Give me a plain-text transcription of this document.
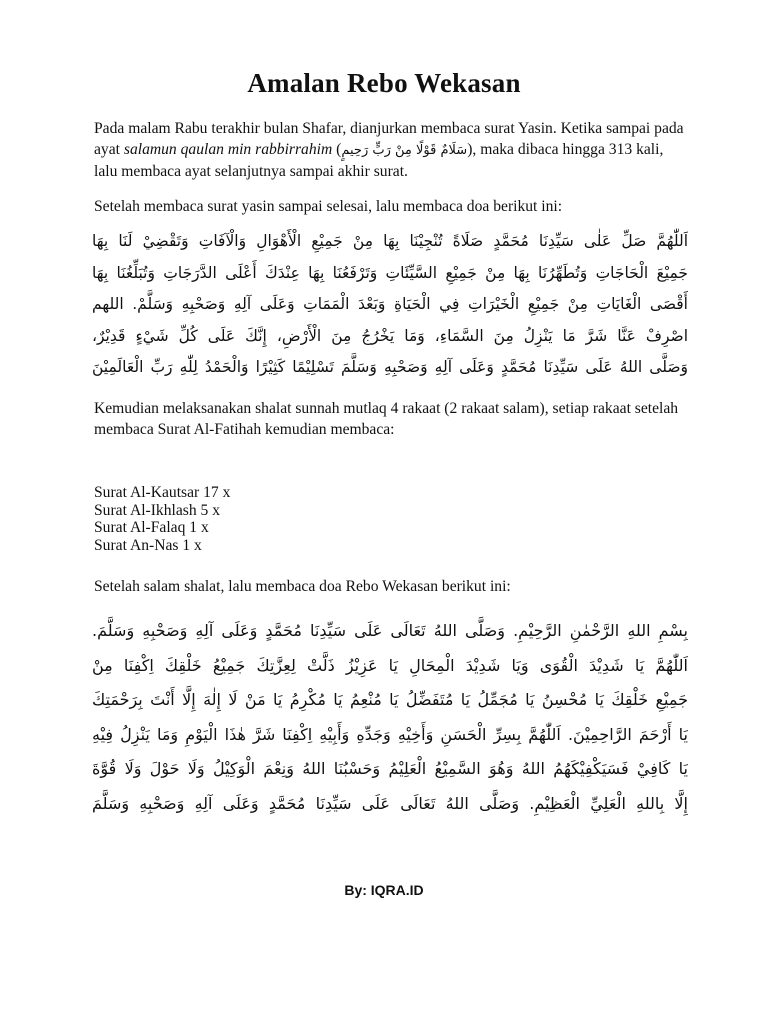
Amalan Rebo Wekasan

Pada malam Rabu terakhir bulan Shafar, dianjurkan membaca surat Yasin. Ketika sampai pada ayat salamun qaulan min rabbirrahim (سَلَامٌ قَوْلًا مِنْ رَبٍّ رَحِيمٍ), maka dibaca hingga 313 kali, lalu membaca ayat selanjutnya sampai akhir surat.

Setelah membaca surat yasin sampai selesai, lalu membaca doa berikut ini:

اَللّٰهُمَّ صَلِّ عَلٰى سَيِّدِنَا مُحَمَّدٍ صَلَاةً تُنْجِيْنَا بِهَا مِنْ جَمِيْعِ الْأَهْوَالِ وَالْآفَاتِ وَتَقْضِيْ لَنَا بِهَا
جَمِيْعَ الْحَاجَاتِ وَتُطَهِّرُنَا بِهَا مِنْ جَمِيْعِ السَّيِّئَاتِ وَتَرْفَعُنَا بِهَا عِنْدَكَ أَعْلَى الدَّرَجَاتِ وَتُبَلِّغُنَا بِهَا
أَقْصَى الْغَايَاتِ مِنْ جَمِيْعِ الْخَيْرَاتِ فِي الْحَيَاةِ وَبَعْدَ الْمَمَاتِ وَعَلَى آلِهِ وَصَحْبِهِ وَسَلَّمْ. اللهم
اصْرِفْ عَنَّا شَرَّ مَا يَنْزِلُ مِنَ السَّمَاءِ، وَمَا يَخْرُجُ مِنَ الْأَرْضِ، إِنَّكَ عَلَى كُلِّ شَيْءٍ قَدِيْرٌ،
وَصَلَّى اللهُ عَلَى سَيِّدِنَا مُحَمَّدٍ وَعَلَى آلِهِ وَصَحْبِهِ وَسَلَّمَ تَسْلِيْمًا كَثِيْرًا وَالْحَمْدُ لِلّٰهِ رَبِّ الْعَالَمِيْنَ

Kemudian melaksanakan shalat sunnah mutlaq 4 rakaat (2 rakaat salam), setiap rakaat setelah membaca Surat Al-Fatihah kemudian membaca:

Surat Al-Kautsar 17 x
Surat Al-Ikhlash 5 x
Surat Al-Falaq 1 x
Surat An-Nas 1 x

Setelah salam shalat, lalu membaca doa Rebo Wekasan berikut ini:

بِسْمِ اللهِ الرَّحْمٰنِ الرَّحِيْمِ. وَصَلَّى اللهُ تَعَالَى عَلَى سَيِّدِنَا مُحَمَّدٍ وَعَلَى آلِهِ وَصَحْبِهِ وَسَلَّمَ.
اَللّٰهُمَّ يَا شَدِيْدَ الْقُوَى وَيَا شَدِيْدَ الْمِحَالِ يَا عَزِيْزُ ذَلَّتْ لِعِزَّتِكَ جَمِيْعُ خَلْقِكَ اِكْفِنَا مِنْ
جَمِيْعِ خَلْقِكَ يَا مُحْسِنُ يَا مُجَمِّلُ يَا مُتَفَضِّلُ يَا مُنْعِمُ يَا مُكْرِمُ يَا مَنْ لَا إِلٰهَ إِلَّا أَنْتَ بِرَحْمَتِكَ
يَا أَرْحَمَ الرَّاحِمِيْنَ. اَللّٰهُمَّ بِسِرِّ الْحَسَنِ وَأَخِيْهِ وَجَدِّهِ وَأَبِيْهِ اِكْفِنَا شَرَّ هٰذَا الْيَوْمِ وَمَا يَنْزِلُ فِيْهِ
يَا كَافِيْ فَسَيَكْفِيْكَهُمُ اللهُ وَهُوَ السَّمِيْعُ الْعَلِيْمُ وَحَسْبُنَا اللهُ وَنِعْمَ الْوَكِيْلُ وَلَا حَوْلَ وَلَا قُوَّةَ
إِلَّا بِاللهِ الْعَلِيِّ الْعَظِيْمِ. وَصَلَّى اللهُ تَعَالَى عَلَى سَيِّدِنَا مُحَمَّدٍ وَعَلَى آلِهِ وَصَحْبِهِ وَسَلَّمَ
By: IQRA.ID
